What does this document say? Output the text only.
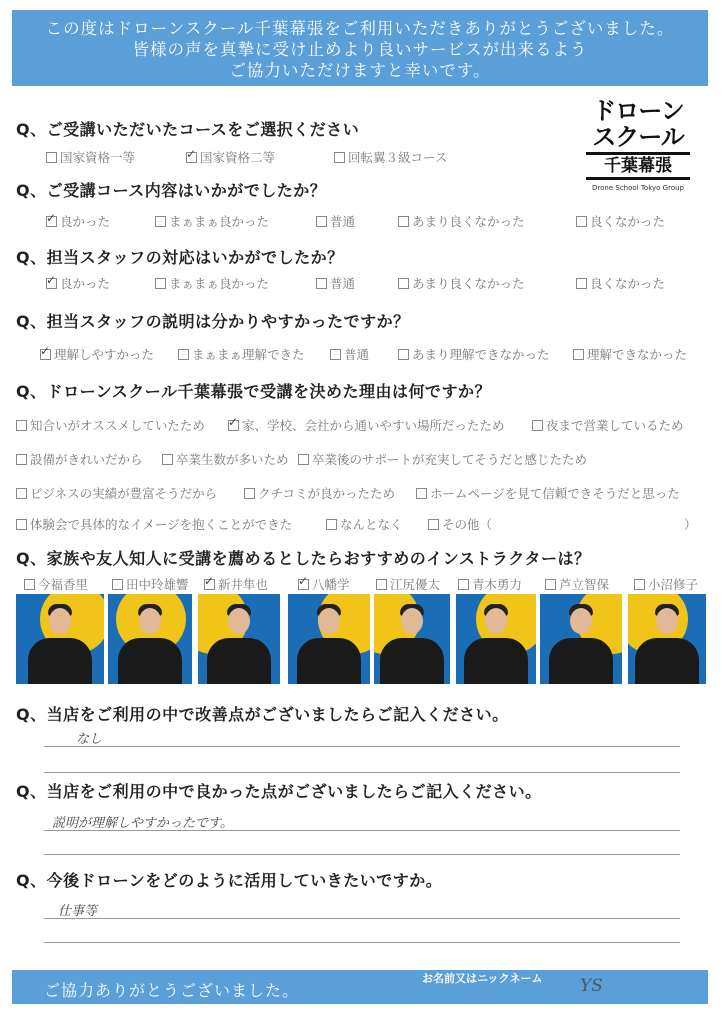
この度はドローンスクール千葉幕張をご利用いただきありがとうございました。
皆様の声を真摯に受け止めより良いサービスが出来るよう
ご協力いただけますと幸いです。
ドローン
スクール
千葉幕張
Drone School Tokyo Group
Q、ご受講いただいたコースをご選択ください
国家資格一等 ✓	国家資格二等	回転翼３級コース
Q、ご受講コース内容はいかがでしたか？
✓良かった	まぁまぁ良かった	普通	あまり良くなかった	良くなかった
Q、担当スタッフの対応はいかがでしたか？
✓良かった	まぁまぁ良かった	普通	あまり良くなかった	良くなかった
Q、担当スタッフの説明は分かりやすかったですか？
✓理解しやすかった	まぁまぁ理解できた	普通	あまり理解できなかった	理解できなかった
Q、ドローンスクール千葉幕張で受講を決めた理由は何ですか？
知合いがオススメしていたため ✓	家、学校、会社から通いやすい場所だったため	夜まで営業しているため
設備がきれいだから	卒業生数が多いため	卒業後のサポートが充実してそうだと感じたため
ビジネスの実績が豊富そうだから	クチコミが良かったため	ホームページを見て信頼できそうだと思った
体験会で具体的なイメージを抱くことができた	なんとなく	その他（	）
Q、家族や友人知人に受講を薦めるとしたらおすすめのインストラクターは？
今福香里	田中玲雄響 ✓	新井隼也 ✓	八幡学	江尻優太	青木勇力	芦立智保	小沼修子
Q、当店をご利用の中で改善点がございましたらご記入ください。
なし
Q、当店をご利用の中で良かった点がございましたらご記入ください。
説明が理解しやすかったです。
Q、今後ドローンをどのように活用していきたいですか。
仕事等
ご協力ありがとうございました。
お名前又はニックネーム YS
